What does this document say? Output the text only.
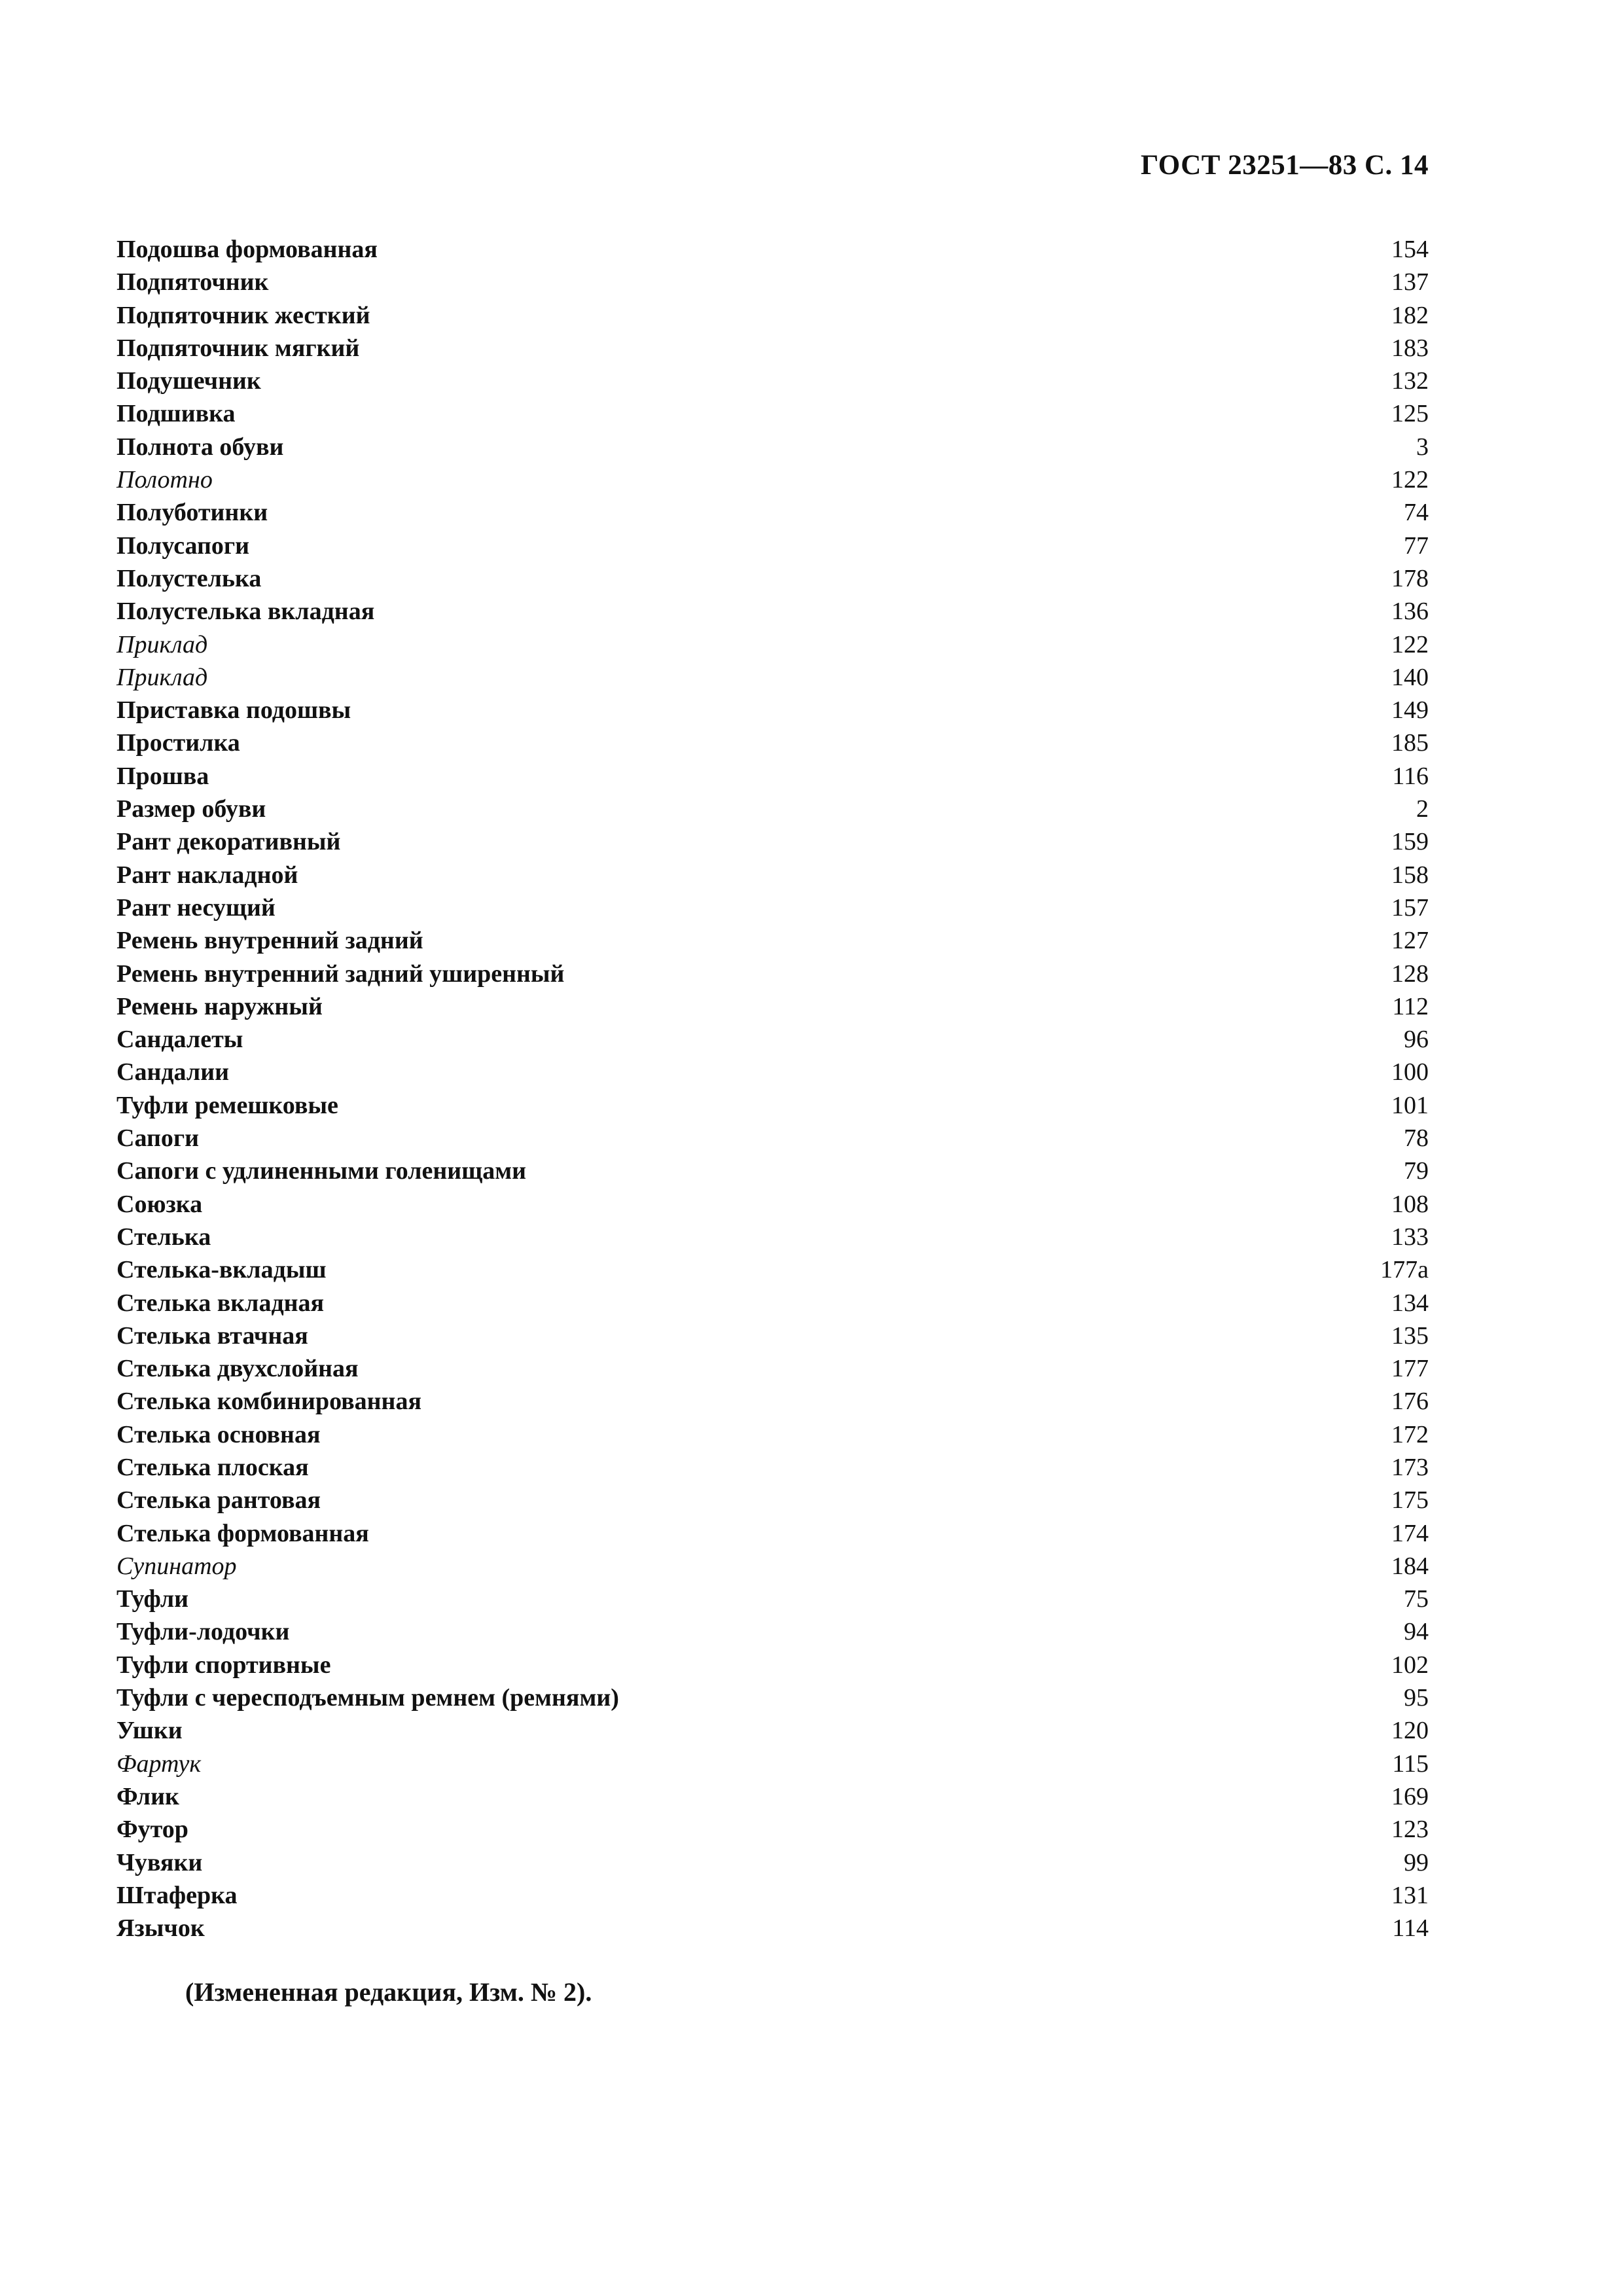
ГОСТ 23251—83 С. 14
Подошва формованная	154
Подпяточник	137
Подпяточник жесткий	182
Подпяточник мягкий	183
Подушечник	132
Подшивка	125
Полнота обуви	3
Полотно	122
Полуботинки	74
Полусапоги	77
Полустелька	178
Полустелька вкладная	136
Приклад	122
Приклад	140
Приставка подошвы	149
Простилка	185
Прошва	116
Размер обуви	2
Рант декоративный	159
Рант накладной	158
Рант несущий	157
Ремень внутренний задний	127
Ремень внутренний задний уширенный	128
Ремень наружный	112
Сандалеты	96
Сандалии	100
Туфли ремешковые	101
Сапоги	78
Сапоги с удлиненными голенищами	79
Союзка	108
Стелька	133
Стелька-вкладыш	177а
Стелька вкладная	134
Стелька втачная	135
Стелька двухслойная	177
Стелька комбинированная	176
Стелька основная	172
Стелька плоская	173
Стелька рантовая	175
Стелька формованная	174
Супинатор	184
Туфли	75
Туфли-лодочки	94
Туфли спортивные	102
Туфли с чересподъемным ремнем (ремнями)	95
Ушки	120
Фартук	115
Флик	169
Футор	123
Чувяки	99
Штаферка	131
Язычок	114
(Измененная редакция, Изм. № 2).
